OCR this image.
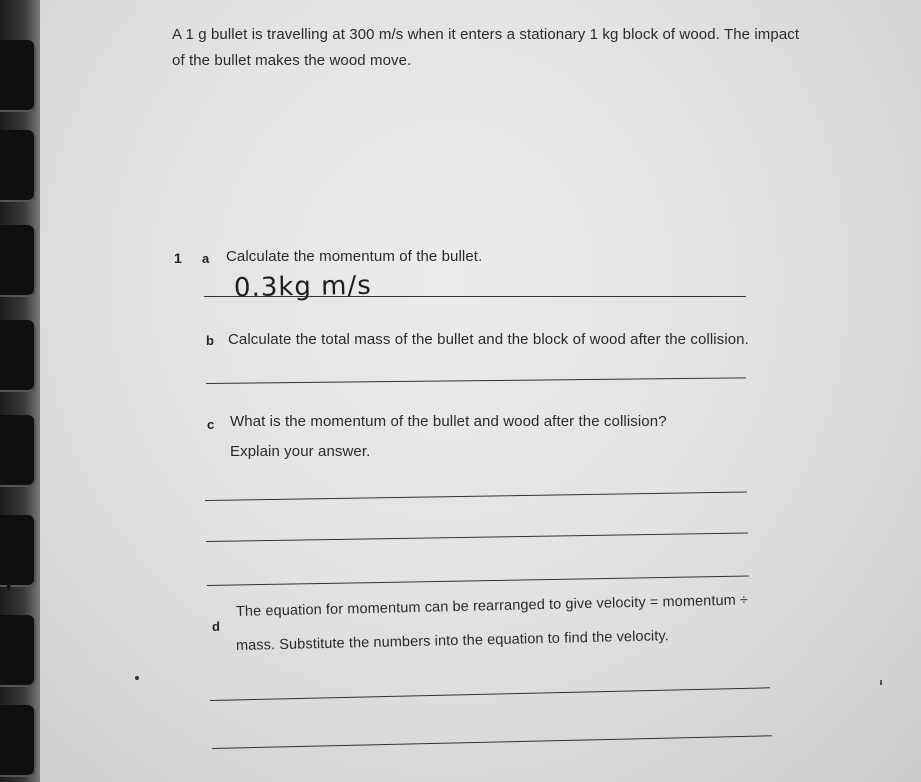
A 1 g bullet is travelling at 300 m/s when it enters a stationary 1 kg block of wood. The impact
of the bullet makes the wood move.
1 a Calculate the momentum of the bullet.
0.3kg m/s
b Calculate the total mass of the bullet and the block of wood after the collision.
c What is the momentum of the bullet and wood after the collision?
Explain your answer.
d
The equation for momentum can be rearranged to give velocity = momentum ÷
mass. Substitute the numbers into the equation to find the velocity.
F
V
